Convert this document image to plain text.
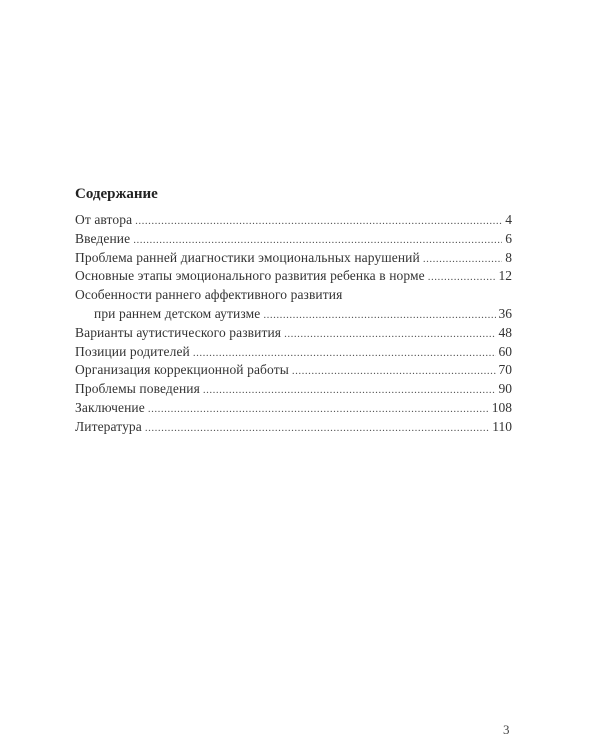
Содержание
От автора .....	4
Введение .....	6
Проблема ранней диагностики эмоциональных нарушений .....	8
Основные этапы эмоционального развития ребенка в норме .....	12
Особенности раннего аффективного развития
при раннем детском аутизме .....	36
Варианты аутистического развития .....	48
Позиции родителей .....	60
Организация коррекционной работы .....	70
Проблемы поведения .....	90
Заключение .....	108
Литература .....	110
3
